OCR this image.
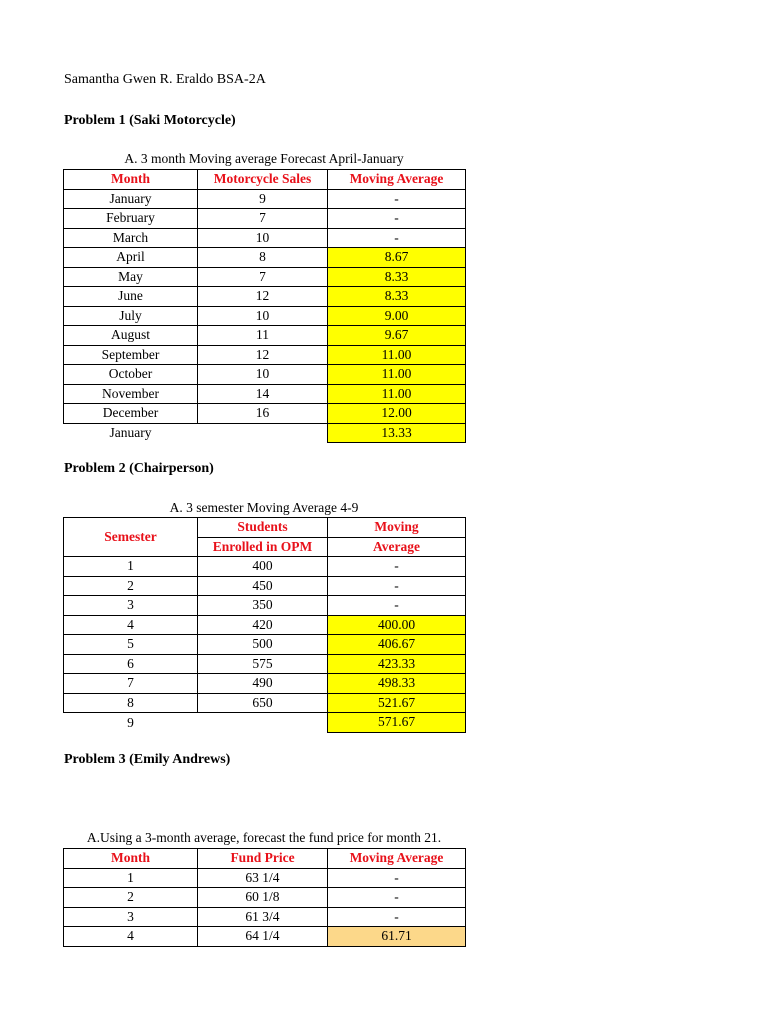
Samantha Gwen R. Eraldo BSA-2A
Problem 1 (Saki Motorcycle)
A. 3 month Moving average Forecast April-January
Month	Motorcycle Sales	Moving Average
January	9	-
February	7	-
March	10	-
April	8	8.67
May	7	8.33
June	12	8.33
July	10	9.00
August	11	9.67
September	12	11.00
October	10	11.00
November	14	11.00
December	16	12.00
January		13.33
Problem 2 (Chairperson)
A. 3 semester Moving Average 4-9
Semester	Students	Moving
	Enrolled in OPM	Average
1	400	-
2	450	-
3	350	-
4	420	400.00
5	500	406.67
6	575	423.33
7	490	498.33
8	650	521.67
9		571.67
Problem 3 (Emily Andrews)
A.Using a 3-month average, forecast the fund price for month 21.
Month	Fund Price	Moving Average
1	63 1/4	-
2	60 1/8	-
3	61 3/4	-
4	64 1/4	61.71
